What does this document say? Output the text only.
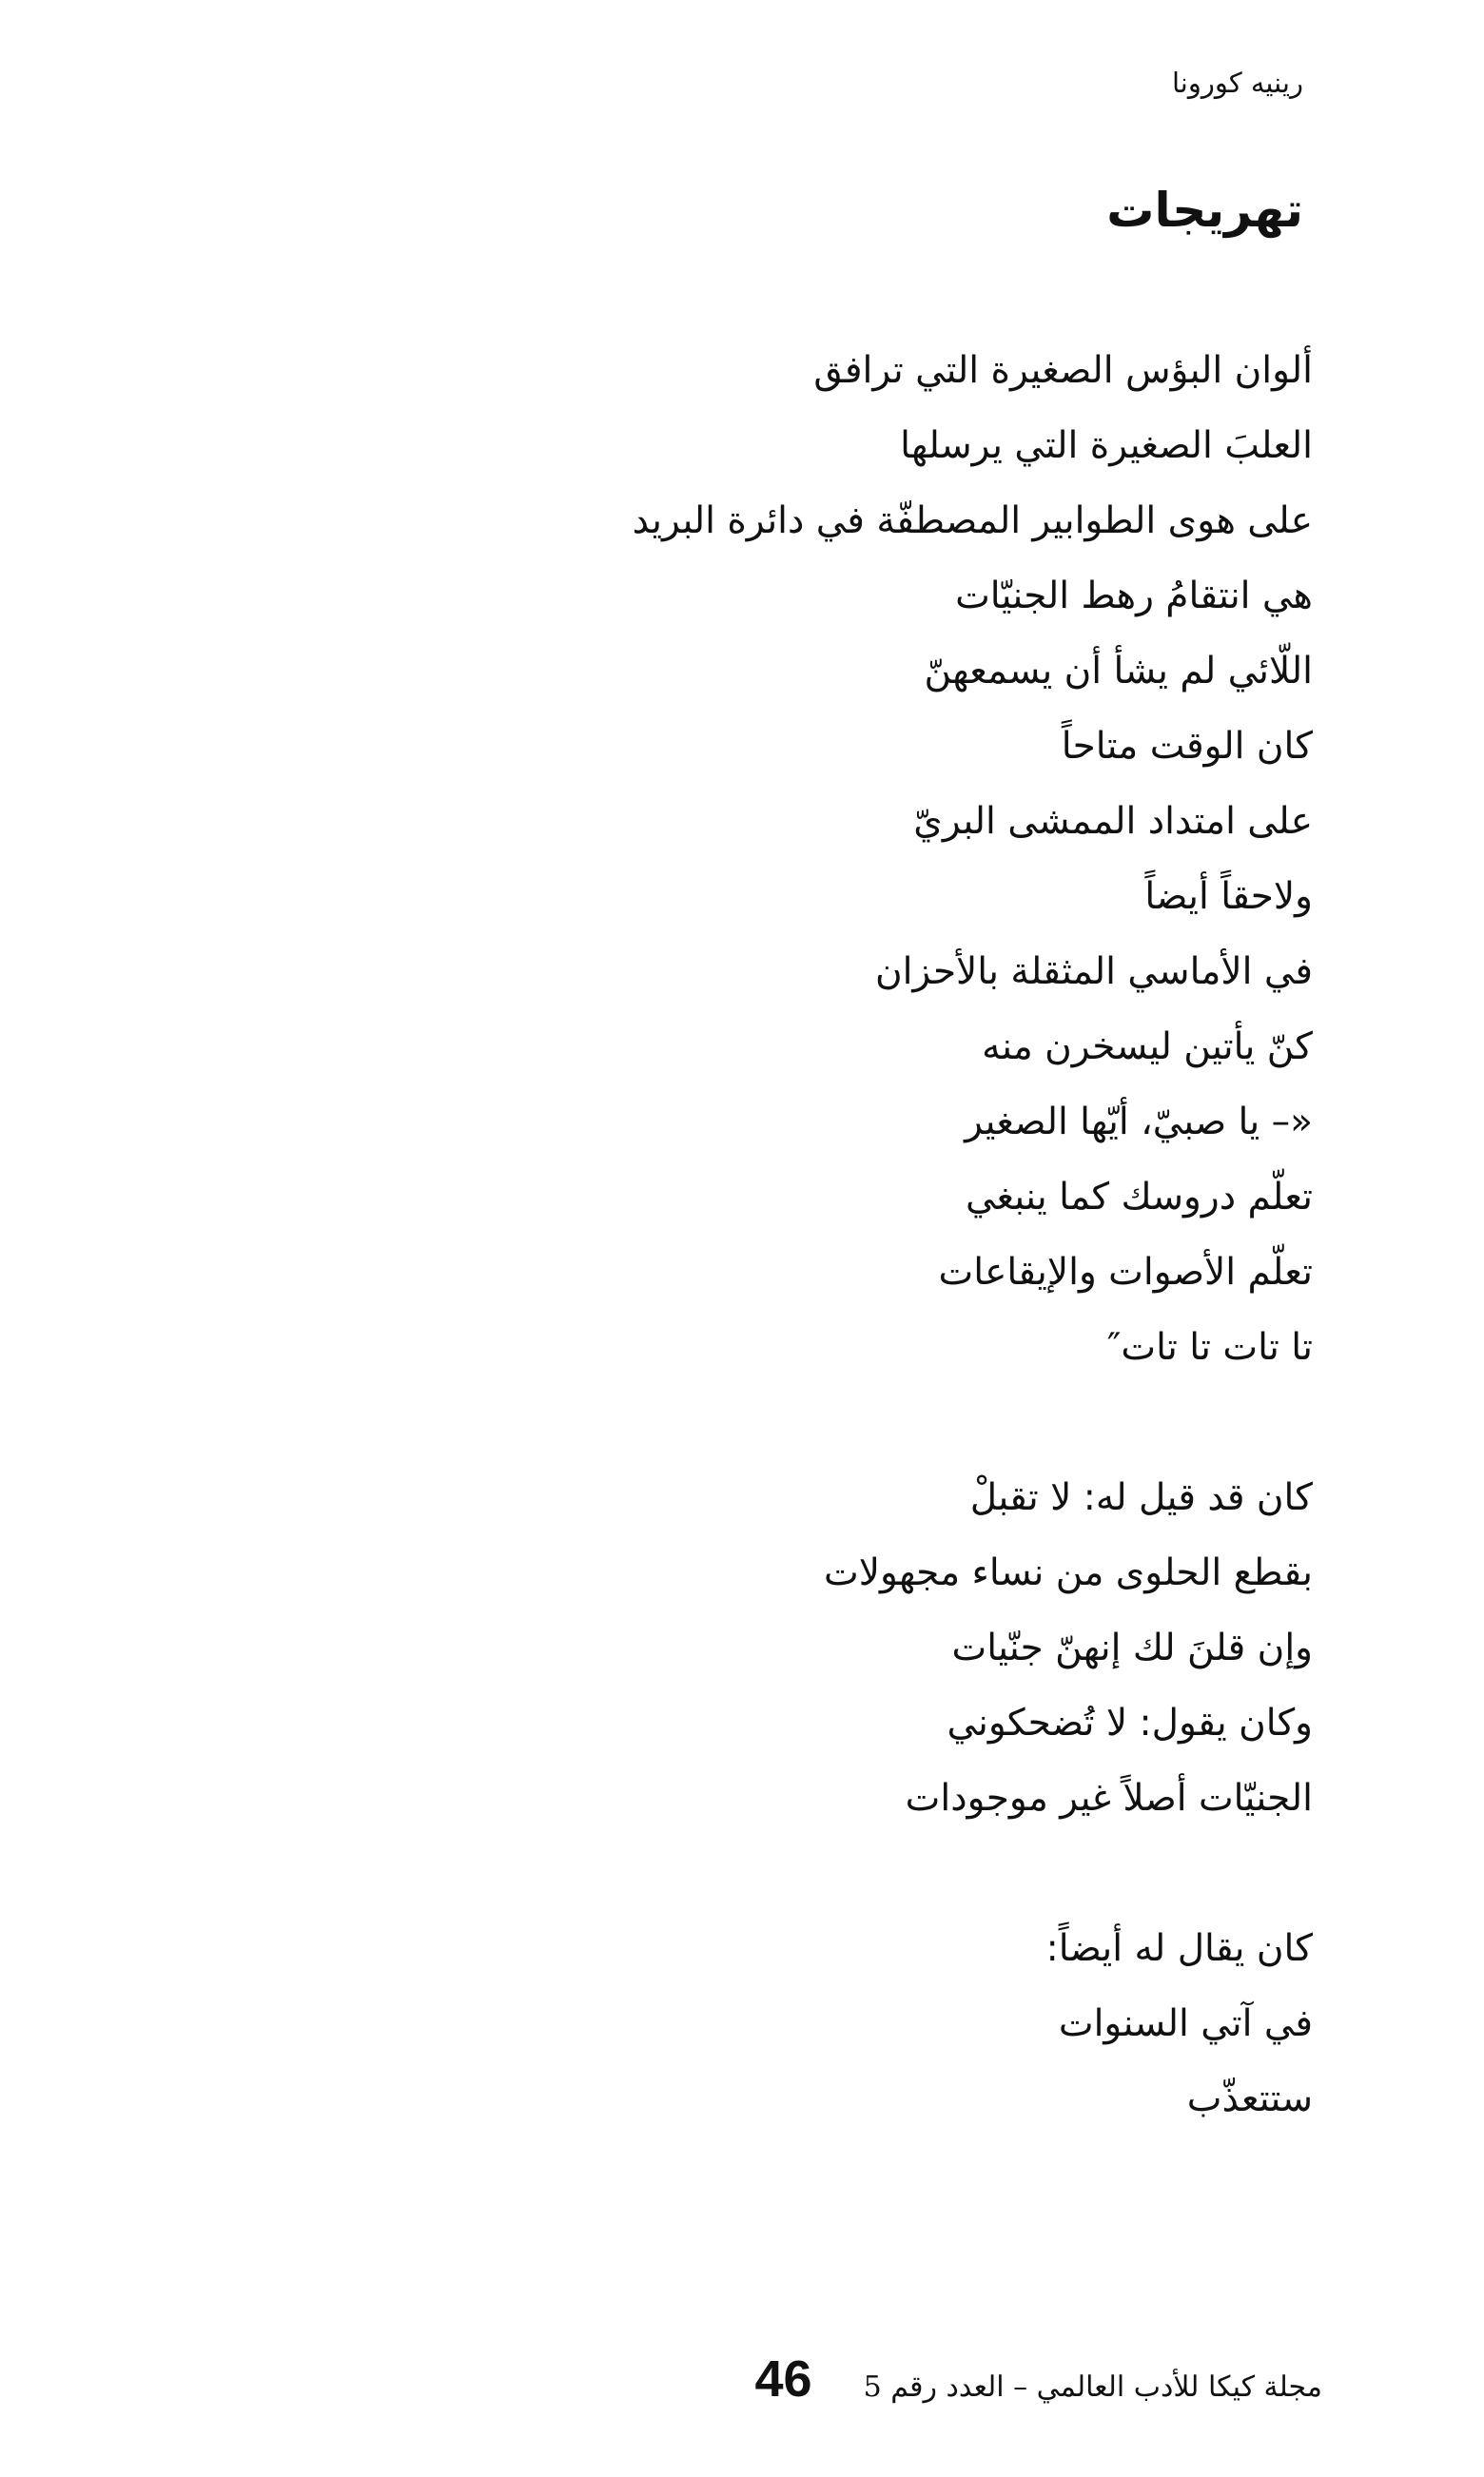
رينيه كورونا
تهريجات
ألوان البؤس الصغيرة التي ترافق
العلبَ الصغيرة التي يرسلها
على هوى الطوابير المصطفّة في دائرة البريد
هي انتقامُ رهط الجنيّات
اللّائي لم يشأ أن يسمعهنّ
كان الوقت متاحاً
على امتداد الممشى البريّ
ولاحقاً أيضاً
في الأماسي المثقلة بالأحزان
كنّ يأتين ليسخرن منه
«– يا صبيّ، أيّها الصغير
تعلّم دروسك كما ينبغي
تعلّم الأصوات والإيقاعات
تا تات تا تات″
كان قد قيل له: لا تقبلْ
بقطع الحلوى من نساء مجهولات
وإن قلنَ لك إنهنّ جنّيات
وكان يقول: لا تُضحكوني
الجنيّات أصلاً غير موجودات
كان يقال له أيضاً:
في آتي السنوات
ستتعذّب
مجلة كيكا للأدب العالمي – العدد رقم 5
46
